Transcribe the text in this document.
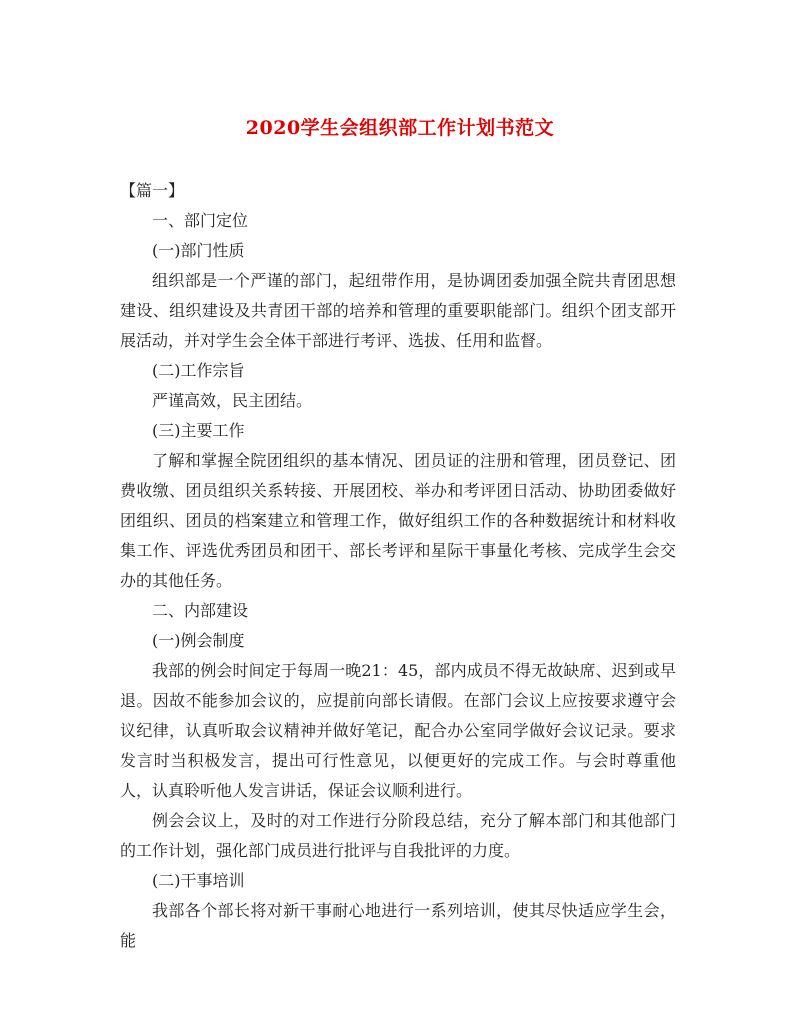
2020学生会组织部工作计划书范文

【篇一】

一、部门定位

(一)部门性质

组织部是一个严谨的部门，起纽带作用，是协调团委加强全院共青团思想建设、组织建设及共青团干部的培养和管理的重要职能部门。组织个团支部开展活动，并对学生会全体干部进行考评、选拔、任用和监督。

(二)工作宗旨

严谨高效，民主团结。

(三)主要工作

了解和掌握全院团组织的基本情况、团员证的注册和管理，团员登记、团费收缴、团员组织关系转接、开展团校、举办和考评团日活动、协助团委做好团组织、团员的档案建立和管理工作，做好组织工作的各种数据统计和材料收集工作、评选优秀团员和团干、部长考评和星际干事量化考核、完成学生会交办的其他任务。

二、内部建设

(一)例会制度

我部的例会时间定于每周一晚21：45，部内成员不得无故缺席、迟到或早退。因故不能参加会议的，应提前向部长请假。在部门会议上应按要求遵守会议纪律，认真听取会议精神并做好笔记，配合办公室同学做好会议记录。要求发言时当积极发言，提出可行性意见，以便更好的完成工作。与会时尊重他人，认真聆听他人发言讲话，保证会议顺利进行。

例会会议上，及时的对工作进行分阶段总结，充分了解本部门和其他部门的工作计划，强化部门成员进行批评与自我批评的力度。

(二)干事培训

我部各个部长将对新干事耐心地进行一系列培训，使其尽快适应学生会，能
